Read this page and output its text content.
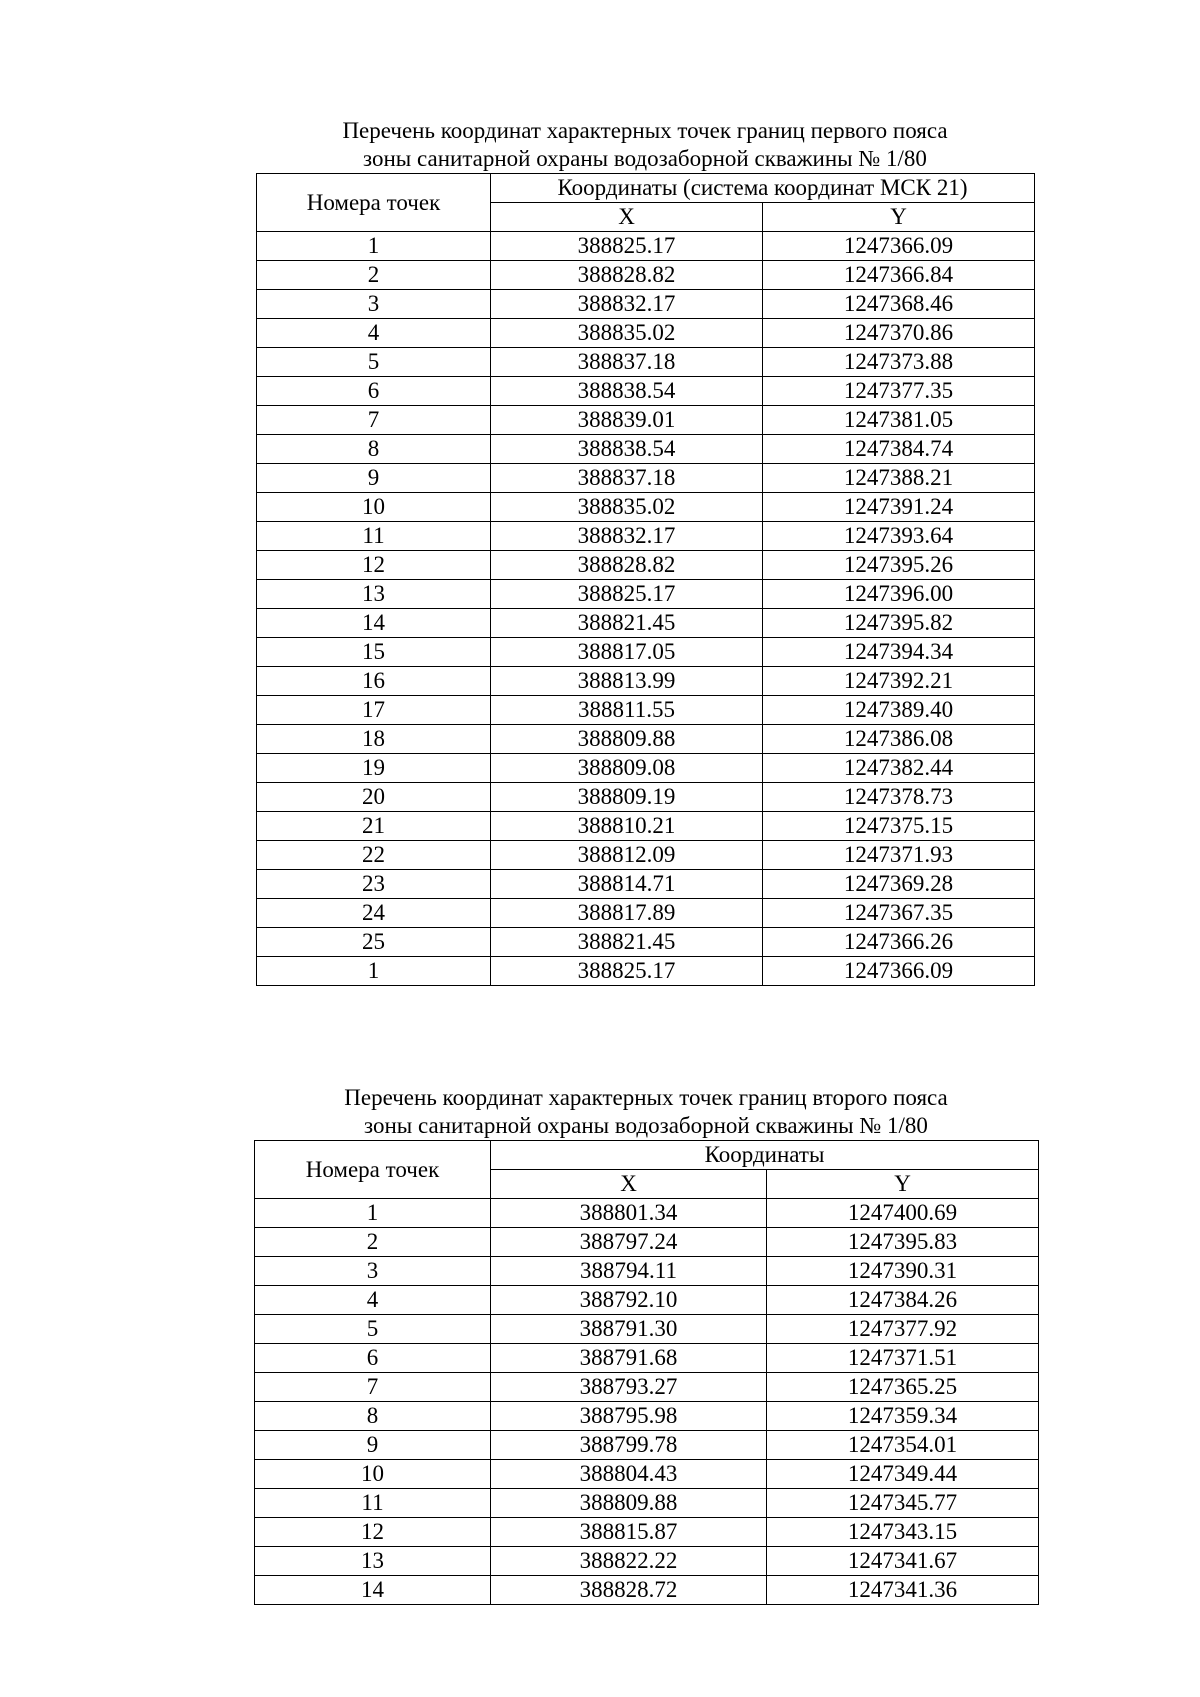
Перечень координат характерных точек границ первого пояса
зоны санитарной охраны водозаборной скважины № 1/80
Номера точек	Координаты (система координат МСК 21)	
	X	Y
1	388825.17	1247366.09
2	388828.82	1247366.84
3	388832.17	1247368.46
4	388835.02	1247370.86
5	388837.18	1247373.88
6	388838.54	1247377.35
7	388839.01	1247381.05
8	388838.54	1247384.74
9	388837.18	1247388.21
10	388835.02	1247391.24
11	388832.17	1247393.64
12	388828.82	1247395.26
13	388825.17	1247396.00
14	388821.45	1247395.82
15	388817.05	1247394.34
16	388813.99	1247392.21
17	388811.55	1247389.40
18	388809.88	1247386.08
19	388809.08	1247382.44
20	388809.19	1247378.73
21	388810.21	1247375.15
22	388812.09	1247371.93
23	388814.71	1247369.28
24	388817.89	1247367.35
25	388821.45	1247366.26
1	388825.17	1247366.09
Перечень координат характерных точек границ второго пояса
зоны санитарной охраны водозаборной скважины № 1/80
Номера точек	Координаты	
	X	Y
1	388801.34	1247400.69
2	388797.24	1247395.83
3	388794.11	1247390.31
4	388792.10	1247384.26
5	388791.30	1247377.92
6	388791.68	1247371.51
7	388793.27	1247365.25
8	388795.98	1247359.34
9	388799.78	1247354.01
10	388804.43	1247349.44
11	388809.88	1247345.77
12	388815.87	1247343.15
13	388822.22	1247341.67
14	388828.72	1247341.36
